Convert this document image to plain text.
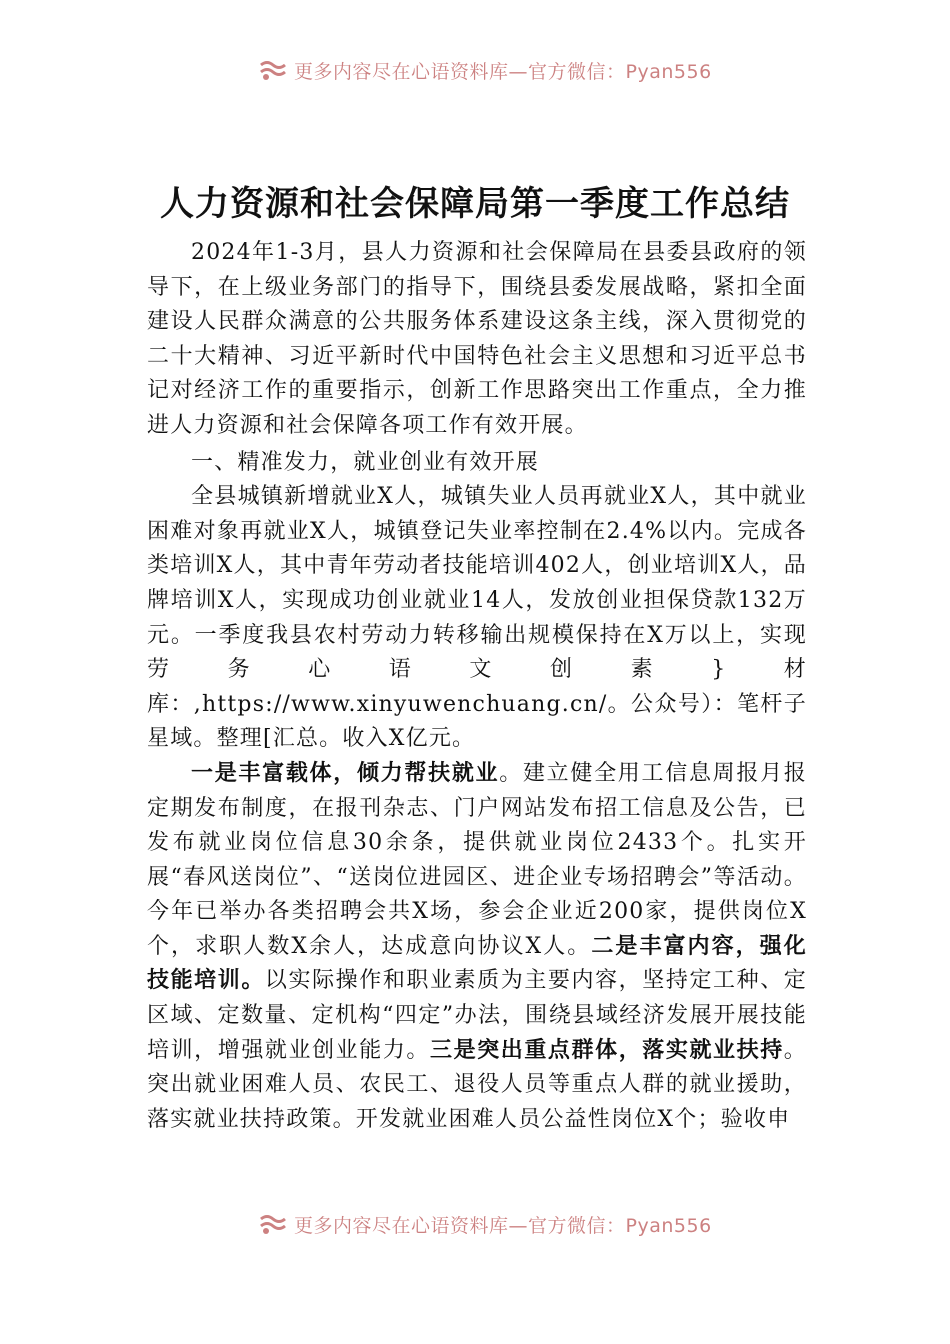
更多内容尽在心语资料库—官方微信：Pyan556
人力资源和社会保障局第一季度工作总结

2024年1-3月，县人力资源和社会保障局在县委县政府的领导下，在上级业务部门的指导下，围绕县委发展战略，紧扣全面建设人民群众满意的公共服务体系建设这条主线，深入贯彻党的二十大精神、习近平新时代中国特色社会主义思想和习近平总书记对经济工作的重要指示，创新工作思路突出工作重点，全力推进人力资源和社会保障各项工作有效开展。

一、精准发力，就业创业有效开展

全县城镇新增就业X人，城镇失业人员再就业X人，其中就业困难对象再就业X人，城镇登记失业率控制在2.4%以内。完成各类培训X人，其中青年劳动者技能培训402人，创业培训X人，品牌培训X人，实现成功创业就业14人，发放创业担保贷款132万元。一季度我县农村劳动力转移输出规模保持在X万以上，实现劳务心语文创素}材库：,https://www.xinyuwenchuang.cn/。公众号）：笔杆子星域。整理[汇总。收入X亿元。

一是丰富载体，倾力帮扶就业。建立健全用工信息周报月报定期发布制度，在报刊杂志、门户网站发布招工信息及公告，已发布就业岗位信息30余条，提供就业岗位2433个。扎实开展“春风送岗位”、“送岗位进园区、进企业专场招聘会”等活动。今年已举办各类招聘会共X场，参会企业近200家，提供岗位X个，求职人数X余人，达成意向协议X人。二是丰富内容，强化技能培训。以实际操作和职业素质为主要内容，坚持定工种、定区域、定数量、定机构“四定”办法，围绕县域经济发展开展技能培训，增强就业创业能力。三是突出重点群体，落实就业扶持。突出就业困难人员、农民工、退役人员等重点人群的就业援助，落实就业扶持政策。开发就业困难人员公益性岗位X个；验收申

更多内容尽在心语资料库—官方微信：Pyan556
